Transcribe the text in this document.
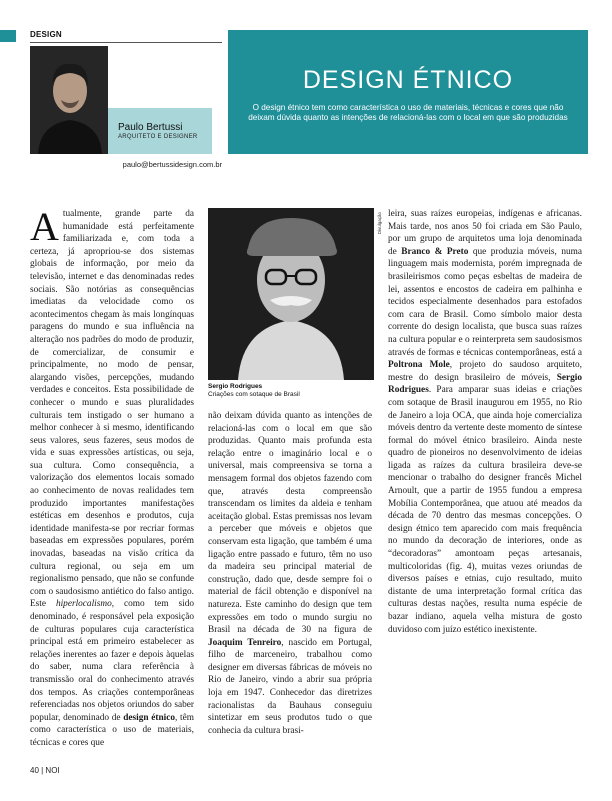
DESIGN
Paulo Bertussi
ARQUITETO E DESIGNER
paulo@bertussidesign.com.br
DESIGN ÉTNICO
O design étnico tem como característica o uso de materiais, técnicas e cores que não deixam dúvida quanto as intenções de relacioná-las com o local em que são produzidas

Atualmente, grande parte da humanidade está perfeitamente familiarizada e, com toda a certeza, já apropriou-se dos sistemas globais de informação, por meio da televisão, internet e das denominadas redes sociais. São notórias as consequências imediatas da velocidade como os acontecimentos chegam às mais longínquas paragens do mundo e sua influência na alteração nos padrões do modo de produzir, de comercializar, de consumir e principalmente, no modo de pensar, alargando visões, percepções, mudando verdades e conceitos. Esta possibilidade de conhecer o mundo e suas pluralidades culturais tem instigado o ser humano a melhor conhecer à si mesmo, identificando seus valores, seus fazeres, seus modos de vida e suas expressões artísticas, ou seja, sua cultura. Como consequência, a valorização dos elementos locais somado ao conhecimento de novas realidades tem produzido importantes manifestações estéticas em desenhos e produtos, cuja identidade manifesta-se por recriar formas baseadas em expressões populares, porém inovadas, baseadas na visão crítica da cultura regional, ou seja em um regionalismo pensado, que não se confunde com o saudosismo antiético do falso antigo. Este hiperlocalismo, como tem sido denominado, é responsável pela exposição de culturas populares cuja característica principal está em primeiro estabelecer as relações inerentes ao fazer e depois àquelas do saber, numa clara referência à transmissão oral do conhecimento através dos tempos. As criações contemporâneas referenciadas nos objetos oriundos do saber popular, denominado de design étnico, têm como característica o uso de materiais, técnicas e cores que

Divulgação
Sergio Rodrigues
Criações com sotaque de Brasil

não deixam dúvida quanto as intenções de relacioná-las com o local em que são produzidas. Quanto mais profunda esta relação entre o imaginário local e o universal, mais compreensiva se torna a mensagem formal dos objetos fazendo com que, através desta compreensão transcendam os limites da aldeia e tenham aceitação global. Estas premissas nos levam a perceber que móveis e objetos que conservam esta ligação, que também é uma ligação entre passado e futuro, têm no uso da madeira seu principal material de construção, dado que, desde sempre foi o material de fácil obtenção e disponível na natureza. Este caminho do design que tem expressões em todo o mundo surgiu no Brasil na década de 30 na figura de Joaquim Tenreiro, nascido em Portugal, filho de marceneiro, trabalhou como designer em diversas fábricas de móveis no Rio de Janeiro, vindo a abrir sua própria loja em 1947. Conhecedor das diretrizes racionalistas da Bauhaus conseguiu sintetizar em seus produtos tudo o que conhecia da cultura brasi-

leira, suas raízes europeias, indígenas e africanas. Mais tarde, nos anos 50 foi criada em São Paulo, por um grupo de arquitetos uma loja denominada de Branco & Preto que produzia móveis, numa linguagem mais modernista, porém impregnada de brasileirismos como peças esbeltas de madeira de lei, assentos e encostos de cadeira em palhinha e tecidos especialmente desenhados para estofados com cara de Brasil. Como símbolo maior desta corrente do design localista, que busca suas raízes na cultura popular e o reinterpreta sem saudosismos através de formas e técnicas contemporâneas, está a Poltrona Mole, projeto do saudoso arquiteto, mestre do design brasileiro de móveis, Sergio Rodrigues. Para amparar suas ideias e criações com sotaque de Brasil inaugurou em 1955, no Rio de Janeiro a loja OCA, que ainda hoje comercializa móveis dentro da vertente deste momento de síntese formal do móvel étnico brasileiro. Ainda neste quadro de pioneiros no desenvolvimento de ideias ligada as raízes da cultura brasileira deve-se mencionar o trabalho do designer francês Michel Arnoult, que a partir de 1955 fundou a empresa Mobília Contemporânea, que atuou até meados da década de 70 dentro das mesmas concepções. O design étnico tem aparecido com mais frequência no mundo da decoração de interiores, onde as “decoradoras” amontoam peças artesanais, multicoloridas (fig. 4), muitas vezes oriundas de diversos países e etnias, cujo resultado, muito distante de uma interpretação formal crítica das culturas destas nações, resulta numa espécie de bazar indiano, aquela velha mistura de gosto duvidoso com juízo estético inexistente.

40 | NOI
